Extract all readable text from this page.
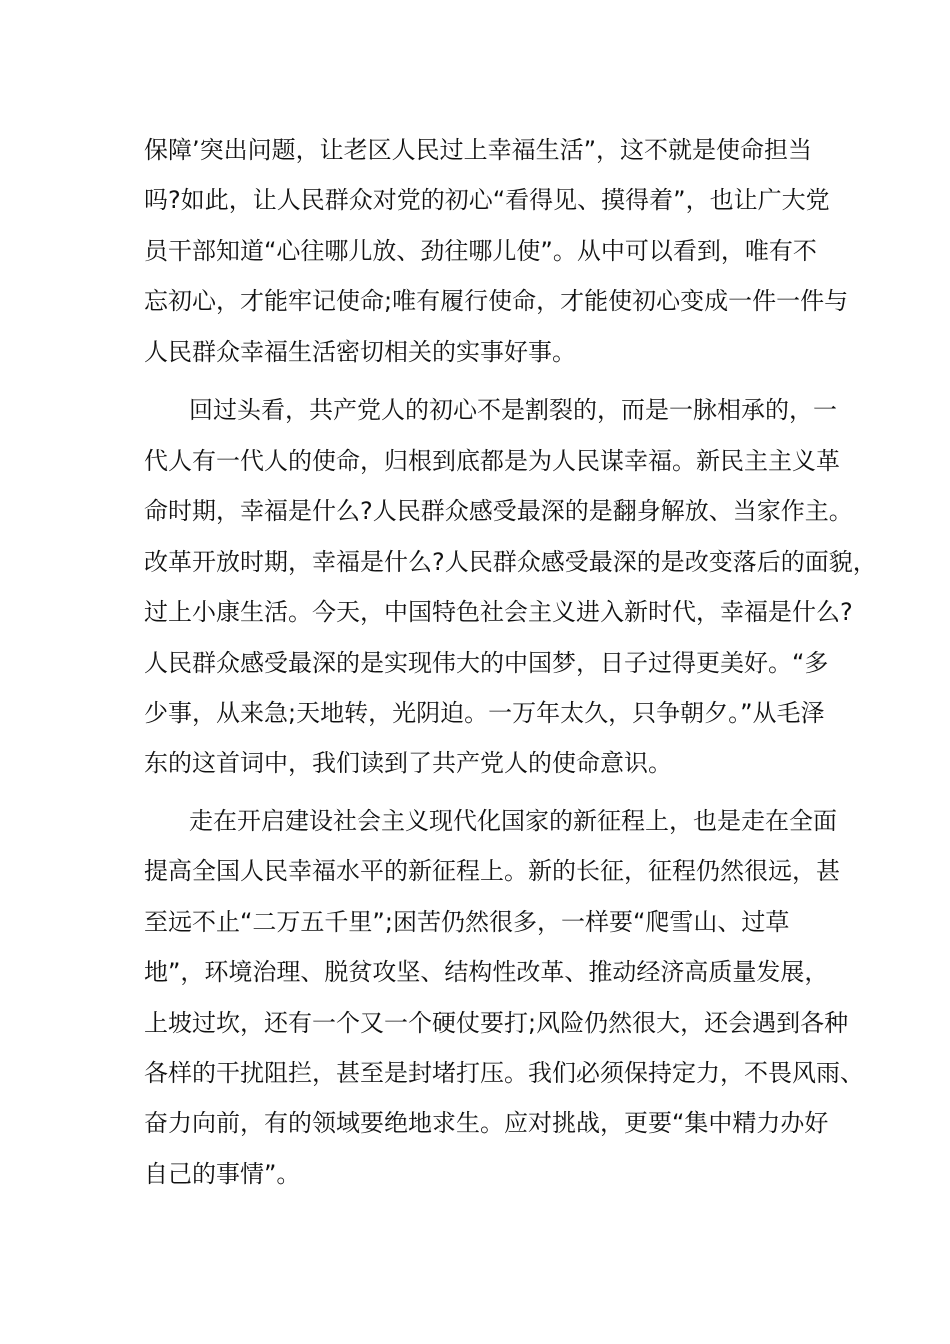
保障’突出问题，让老区人民过上幸福生活”，这不就是使命担当
吗?如此，让人民群众对党的初心“看得见、摸得着”，也让广大党
员干部知道“心往哪儿放、劲往哪儿使”。从中可以看到，唯有不
忘初心，才能牢记使命;唯有履行使命，才能使初心变成一件一件与
人民群众幸福生活密切相关的实事好事。
回过头看，共产党人的初心不是割裂的，而是一脉相承的，一
代人有一代人的使命，归根到底都是为人民谋幸福。新民主主义革
命时期，幸福是什么?人民群众感受最深的是翻身解放、当家作主。
改革开放时期，幸福是什么?人民群众感受最深的是改变落后的面貌，
过上小康生活。今天，中国特色社会主义进入新时代，幸福是什么?
人民群众感受最深的是实现伟大的中国梦，日子过得更美好。“多
少事，从来急;天地转，光阴迫。一万年太久，只争朝夕。”从毛泽
东的这首词中，我们读到了共产党人的使命意识。
走在开启建设社会主义现代化国家的新征程上，也是走在全面
提高全国人民幸福水平的新征程上。新的长征，征程仍然很远，甚
至远不止“二万五千里”;困苦仍然很多，一样要“爬雪山、过草
地”，环境治理、脱贫攻坚、结构性改革、推动经济高质量发展，
上坡过坎，还有一个又一个硬仗要打;风险仍然很大，还会遇到各种
各样的干扰阻拦，甚至是封堵打压。我们必须保持定力，不畏风雨、
奋力向前，有的领域要绝地求生。应对挑战，更要“集中精力办好
自己的事情”。
